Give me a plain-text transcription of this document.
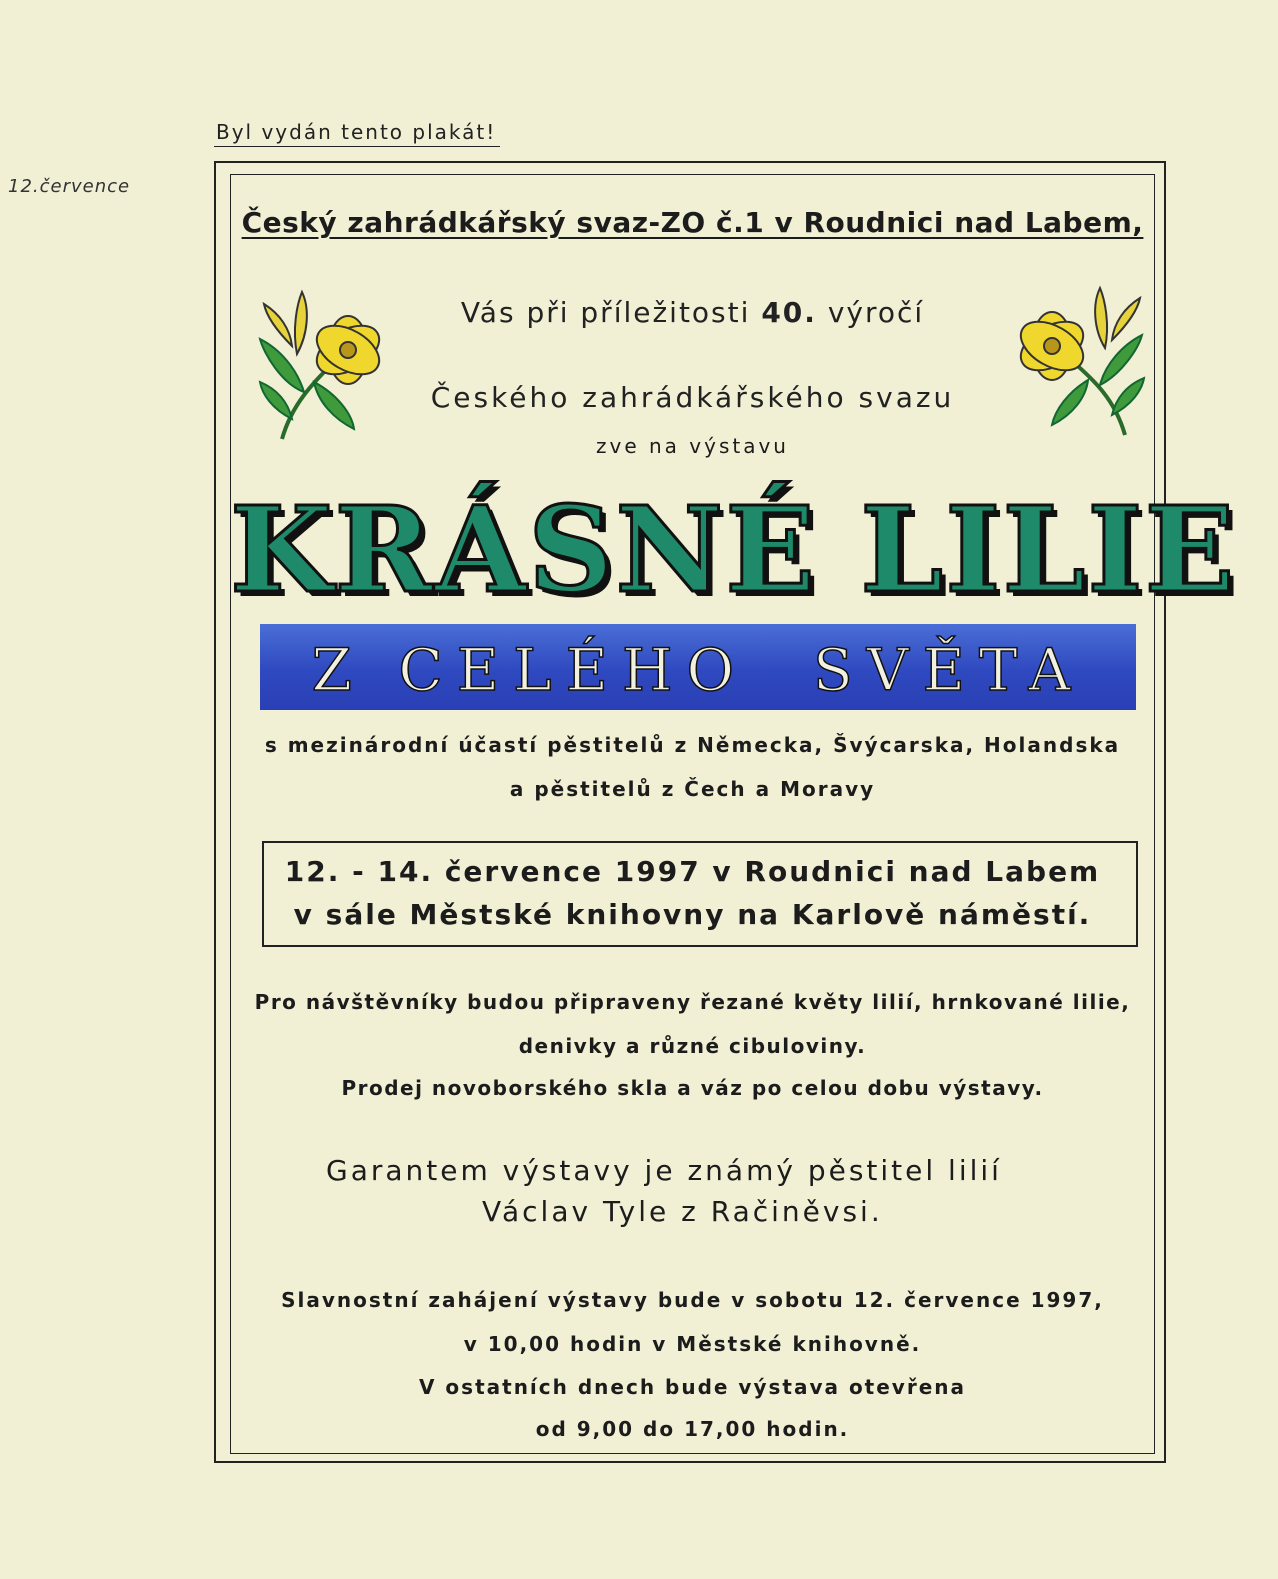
12.července
Byl vydán tento plakát!
Český zahrádkářský svaz-ZO č.1 v Roudnici nad Labem,
Vás při příležitosti 40. výročí
Českého zahrádkářského svazu
zve na výstavu
KRÁSNÉ LILIE
Z CELÉHO  SVĚTA
s mezinárodní účastí pěstitelů z Německa, Švýcarska, Holandska
a pěstitelů z Čech a Moravy
12. - 14. července 1997 v Roudnici nad Labem
v sále Městské knihovny na Karlově náměstí.
Pro návštěvníky budou připraveny řezané květy lilií, hrnkované lilie,
denivky a různé cibuloviny.
Prodej novoborského skla a váz po celou dobu výstavy.
Garantem výstavy je známý pěstitel lilií
Václav Tyle z Račiněvsi.
Slavnostní zahájení výstavy bude v sobotu 12. července 1997,
v 10,00 hodin v Městské knihovně.
V ostatních dnech bude výstava otevřena
od 9,00 do 17,00 hodin.
